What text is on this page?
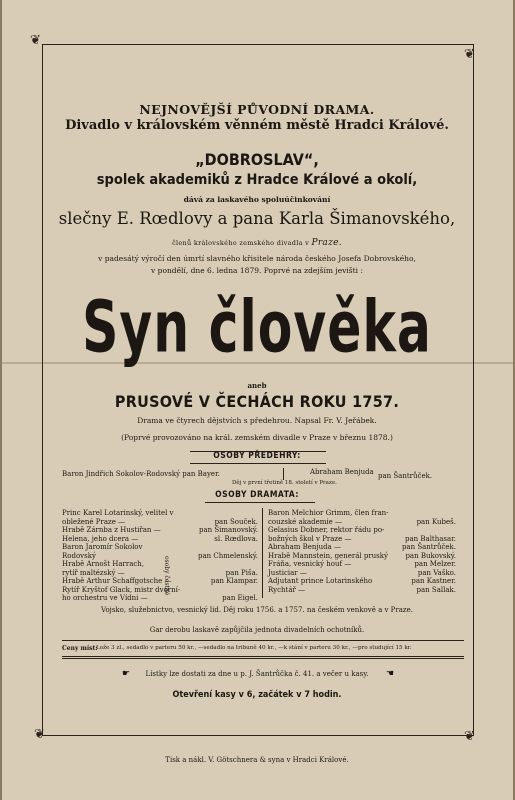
❦
❦
❦	❦
NEJNOVĚJŠÍ PŮVODNÍ DRAMA.
Divadlo v královském věnném městě Hradci Králové.
„DOBROSLAV“,
spolek akademiků z Hradce Králové a okolí,
dává za laskavého spoluúčinkování
slečny E. Rœdlovy a pana Karla Šimanovského,
členů královského zemského divadla v Praze.
v padesátý výročí den úmrtí slavného křisitele národa českého Josefa Dobrovského,
v pondělí, dne 6. ledna 1879. Poprvé na zdejším jevišti :
Syn člověka
aneb
PRUSOVÉ V ČECHÁCH ROKU 1757.
Drama ve čtyrech dějstvích s předehrou. Napsal Fr. V. Jeřábek.
(Poprvé provozováno na král. zemském divadle v Praze v březnu 1878.)
OSOBY PŘEDEHRY:
Baron Jindřich Sokolov-Rodovský pan Bayer.	Abraham Benjuda pan Šantrůček.
Děj v první třetině 18. století v Praze.
OSOBY DRAMATA:
Princ Karel Lotarinský, velitel v
obležené Praze —	pan Souček.
Hrabě Zárnba z Hustiřan —	pan Šimanovský.
Helena, jeho dcera —	sl. Rœdlova.
Baron Jaromír Sokolov
Rodovský	pan Chmelenský.
Hrabě Arnošt Harrach,
rytíř maltézský —	pan Piša.
Hrabě Arthur Schaffgotsche —	pan Klampar.
Rytíř Kryštof Glack, mistr dvorní-
ho orchestru ve Vídni —	pan Eigel.
osoby čestné
Baron Melchior Grimm, člen fran-
couzské akademie —	pan Kubeš.
Gelasius Dobner, rektor řádu po-
božných škol v Praze —	pan Balthasar.
Abraham Benjuda —	pan Šantrůček.
Hrabě Mannstein, generál pruský pan Bukovský.
Fráňa, vesnický houf —	pan Melzer.
Justiciar —	pan Vaško.
Adjutant prince Lotarinského	pan Kastner.
Rychtář —	pan Sallak.
Vojsko, služebnictvo, vesnický lid. Děj roku 1756. a 1757. na českém venkově a v Praze.
Gar derobu laskavě zapůjčila jednota divadelních ochotníků.
Ceny míst:
Lože 3 zl., sedadlo v parteru 50 kr., —sedadlo na tribuně 40 kr., —k stání v parteru 30 kr., —pro studující 15 kr.
☛	Lístky lze dostati za dne u p. J. Šantrůčka č. 41. a večer u kasy.	☚
Otevření kasy v 6, začátek v 7 hodin.
Tisk a nákl. V. Götschnera & syna v Hradci Králové.
